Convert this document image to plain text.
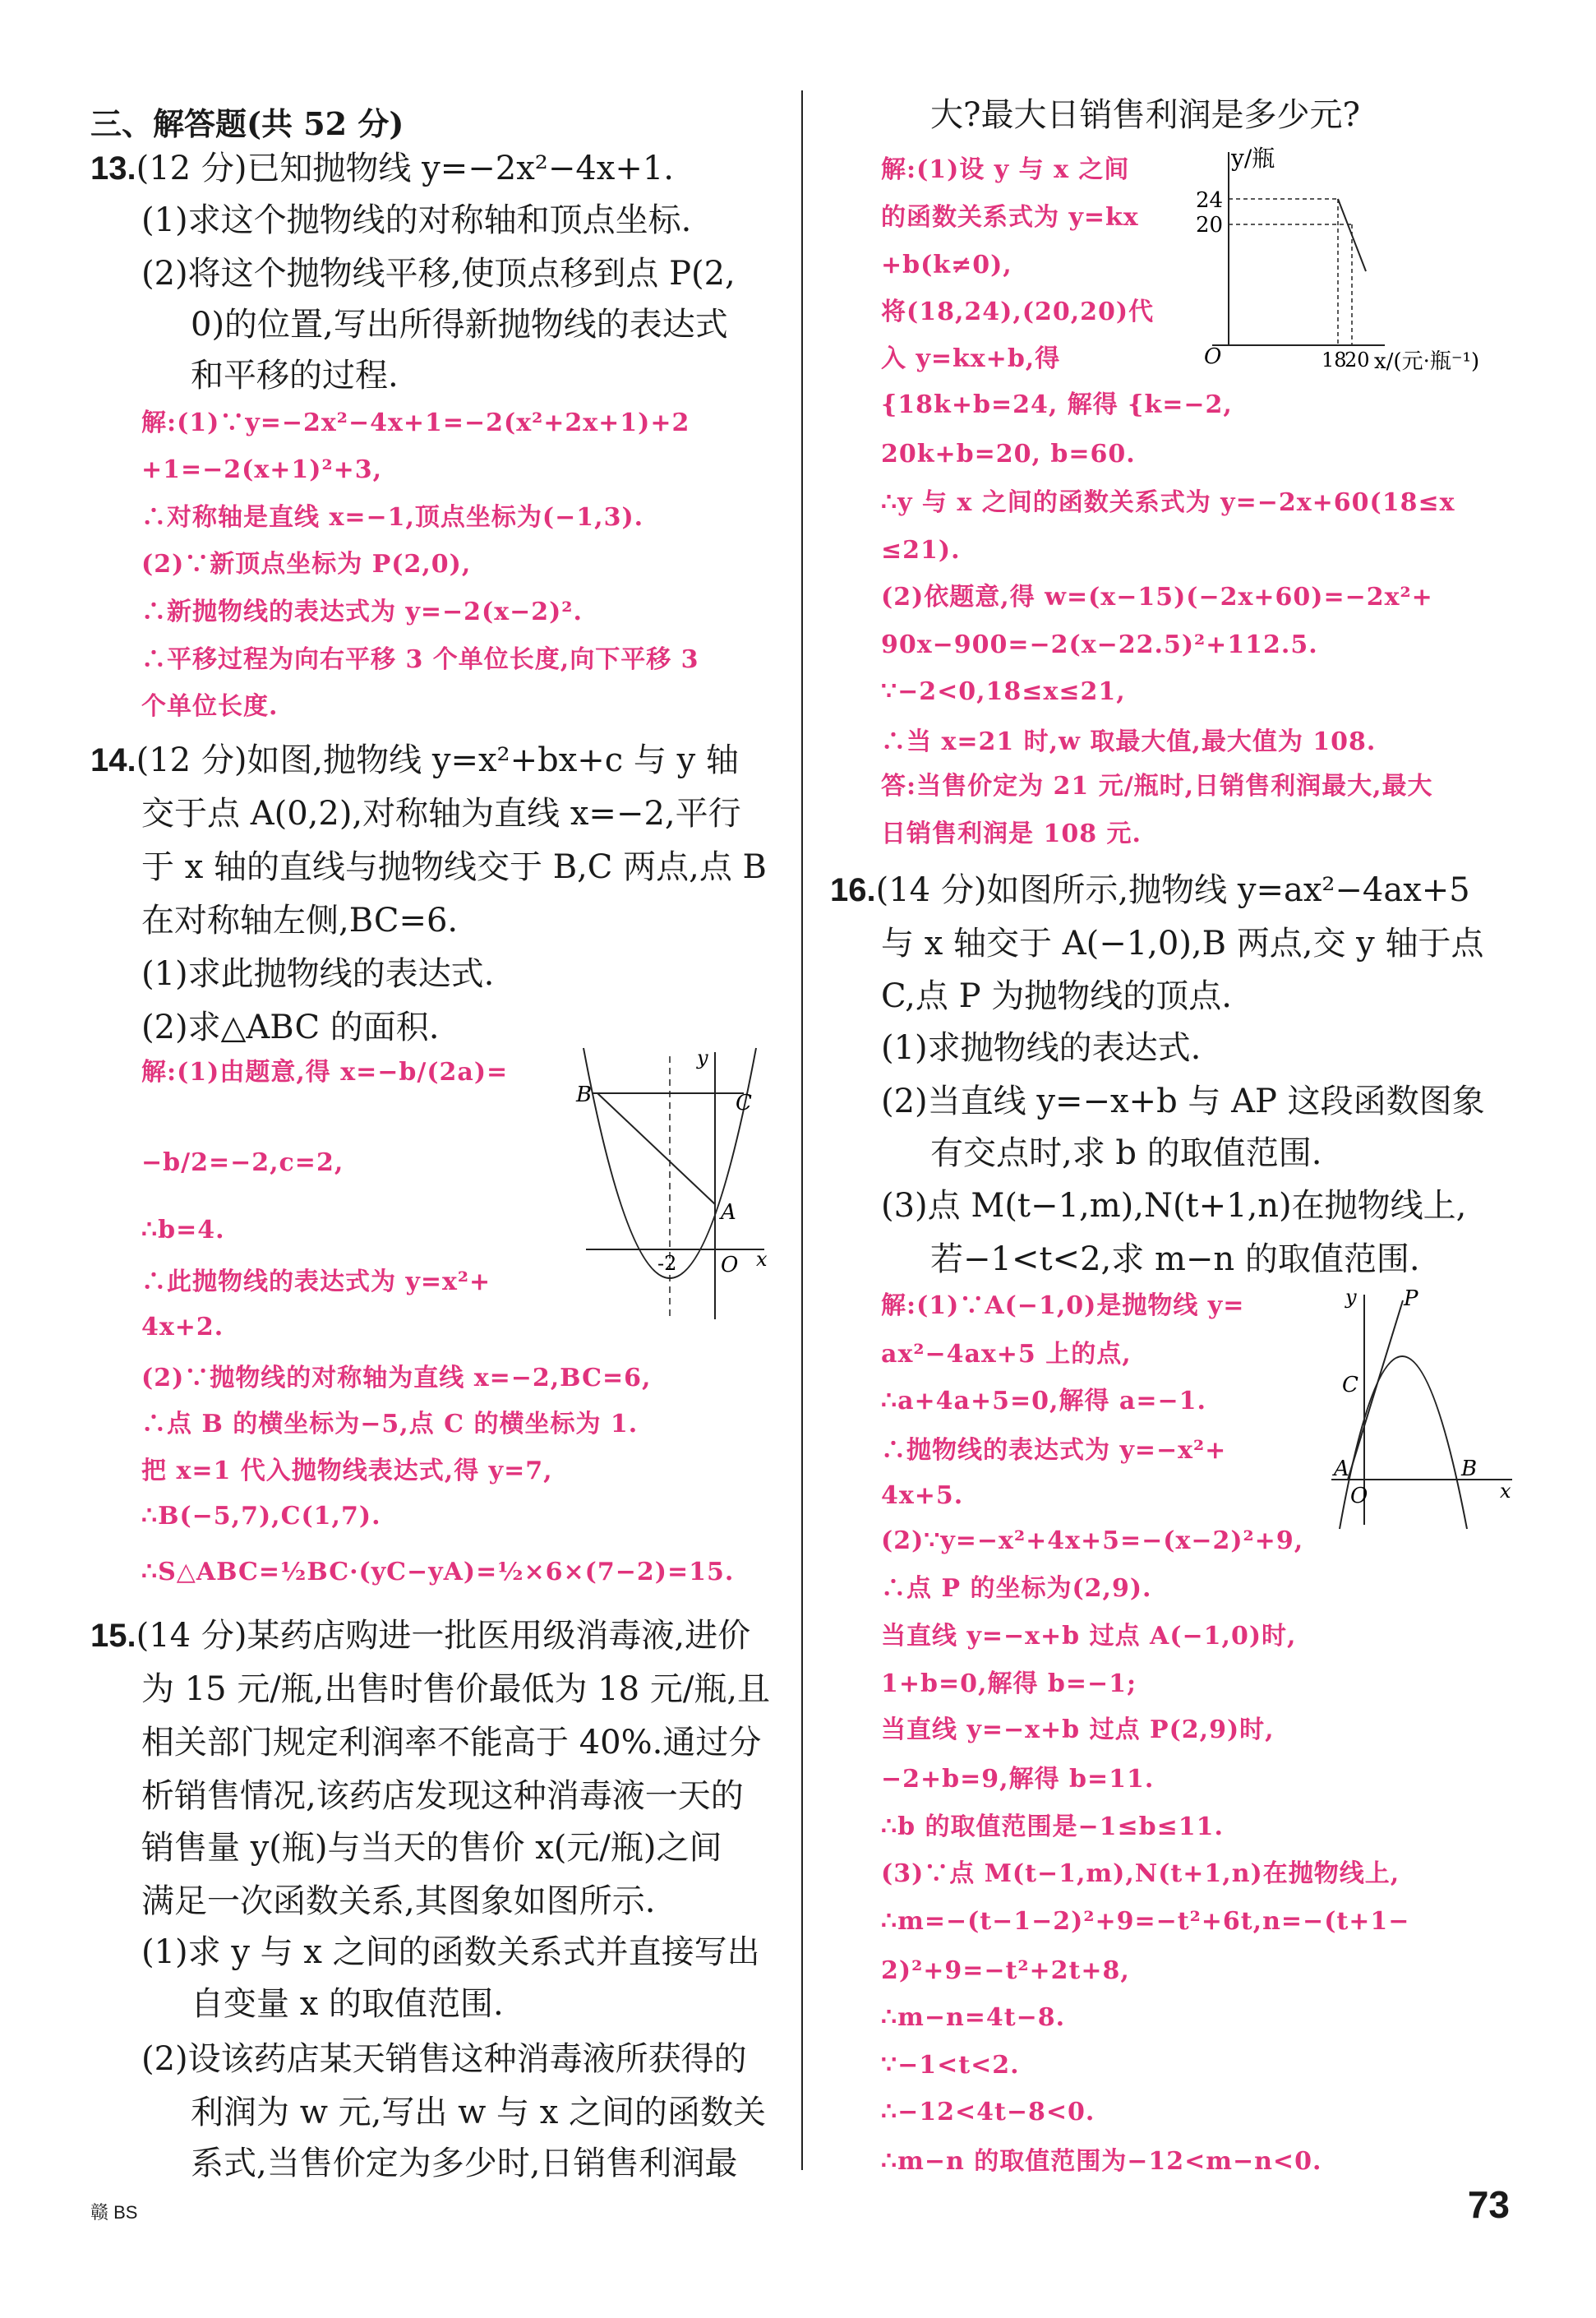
三、解答题(共 52 分)
13.(12 分)已知抛物线 y=−2x²−4x+1.
(1)求这个抛物线的对称轴和顶点坐标.
(2)将这个抛物线平移,使顶点移到点 P(2,
0)的位置,写出所得新抛物线的表达式
和平移的过程.
解:(1)∵y=−2x²−4x+1=−2(x²+2x+1)+2
+1=−2(x+1)²+3,
∴对称轴是直线 x=−1,顶点坐标为(−1,3).
(2)∵新顶点坐标为 P(2,0),
∴新抛物线的表达式为 y=−2(x−2)².
∴平移过程为向右平移 3 个单位长度,向下平移 3
个单位长度.
14.(12 分)如图,抛物线 y=x²+bx+c 与 y 轴
交于点 A(0,2),对称轴为直线 x=−2,平行
于 x 轴的直线与抛物线交于 B,C 两点,点 B
在对称轴左侧,BC=6.
(1)求此抛物线的表达式.
(2)求△ABC 的面积.
解:(1)由题意,得 x=−b/(2a)=
−b/2=−2,c=2,
∴b=4.
∴此抛物线的表达式为 y=x²+
4x+2.
(2)∵抛物线的对称轴为直线 x=−2,BC=6,
∴点 B 的横坐标为−5,点 C 的横坐标为 1.
把 x=1 代入抛物线表达式,得 y=7,
∴B(−5,7),C(1,7).
∴S△ABC=½BC·(yC−yA)=½×6×(7−2)=15.
15.(14 分)某药店购进一批医用级消毒液,进价
为 15 元/瓶,出售时售价最低为 18 元/瓶,且
相关部门规定利润率不能高于 40%.通过分
析销售情况,该药店发现这种消毒液一天的
销售量 y(瓶)与当天的售价 x(元/瓶)之间
满足一次函数关系,其图象如图所示.
(1)求 y 与 x 之间的函数关系式并直接写出
自变量 x 的取值范围.
(2)设该药店某天销售这种消毒液所获得的
利润为 w 元,写出 w 与 x 之间的函数关
系式,当售价定为多少时,日销售利润最
大?最大日销售利润是多少元?
解:(1)设 y 与 x 之间
的函数关系式为 y=kx
+b(k≠0),
将(18,24),(20,20)代
入 y=kx+b,得
{18k+b=24, 解得 {k=−2,
20k+b=20, b=60.
∴y 与 x 之间的函数关系式为 y=−2x+60(18≤x
≤21).
(2)依题意,得 w=(x−15)(−2x+60)=−2x²+
90x−900=−2(x−22.5)²+112.5.
∵−2<0,18≤x≤21,
∴当 x=21 时,w 取最大值,最大值为 108.
答:当售价定为 21 元/瓶时,日销售利润最大,最大
日销售利润是 108 元.
16.(14 分)如图所示,抛物线 y=ax²−4ax+5
与 x 轴交于 A(−1,0),B 两点,交 y 轴于点
C,点 P 为抛物线的顶点.
(1)求抛物线的表达式.
(2)当直线 y=−x+b 与 AP 这段函数图象
有交点时,求 b 的取值范围.
(3)点 M(t−1,m),N(t+1,n)在抛物线上,
若−1<t<2,求 m−n 的取值范围.
解:(1)∵A(−1,0)是抛物线 y=
ax²−4ax+5 上的点,
∴a+4a+5=0,解得 a=−1.
∴抛物线的表达式为 y=−x²+
4x+5.
(2)∵y=−x²+4x+5=−(x−2)²+9,
∴点 P 的坐标为(2,9).
当直线 y=−x+b 过点 A(−1,0)时,
1+b=0,解得 b=−1;
当直线 y=−x+b 过点 P(2,9)时,
−2+b=9,解得 b=11.
∴b 的取值范围是−1≤b≤11.
(3)∵点 M(t−1,m),N(t+1,n)在抛物线上,
∴m=−(t−1−2)²+9=−t²+6t,n=−(t+1−
2)²+9=−t²+2t+8,
∴m−n=4t−8.
∵−1<t<2.
∴−12<4t−8<0.
∴m−n 的取值范围为−12<m−n<0.
y
B	C
A
-2 O x
y/瓶
24
20
O	18
20 x/(元·瓶⁻¹)
y P
C
A
O
B
x
赣 BS	73
